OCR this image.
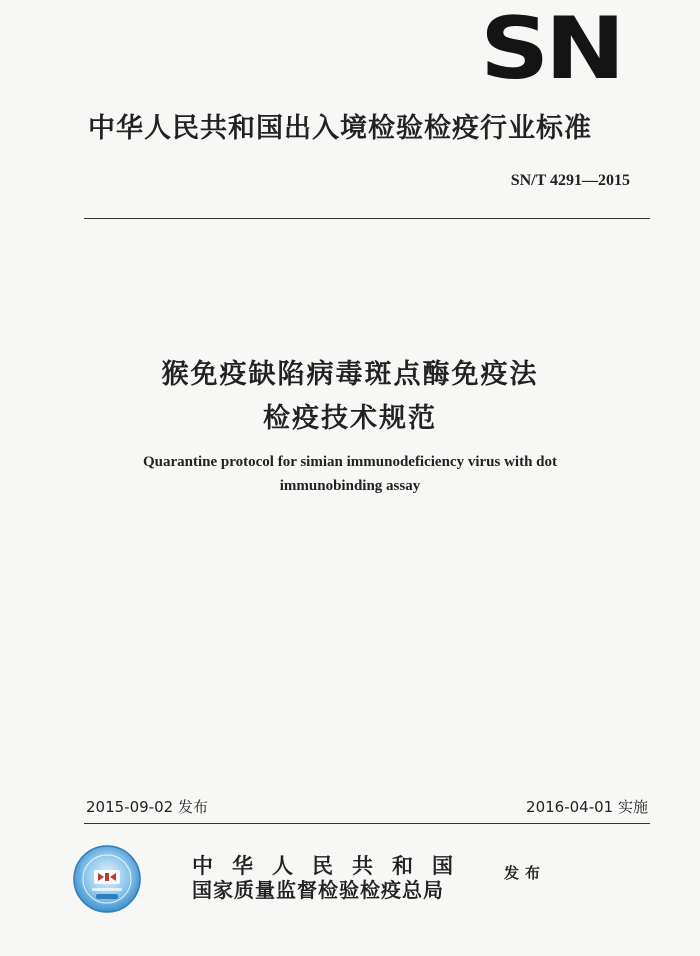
SN
中华人民共和国出入境检验检疫行业标准
SN/T 4291—2015
猴免疫缺陷病毒斑点酶免疫法
检疫技术规范
Quarantine protocol for simian immunodeficiency virus with dot
immunobinding assay
2015-09-02 发布	2016-04-01 实施
中华人民共和国
国家质量监督检验检疫总局
发布
